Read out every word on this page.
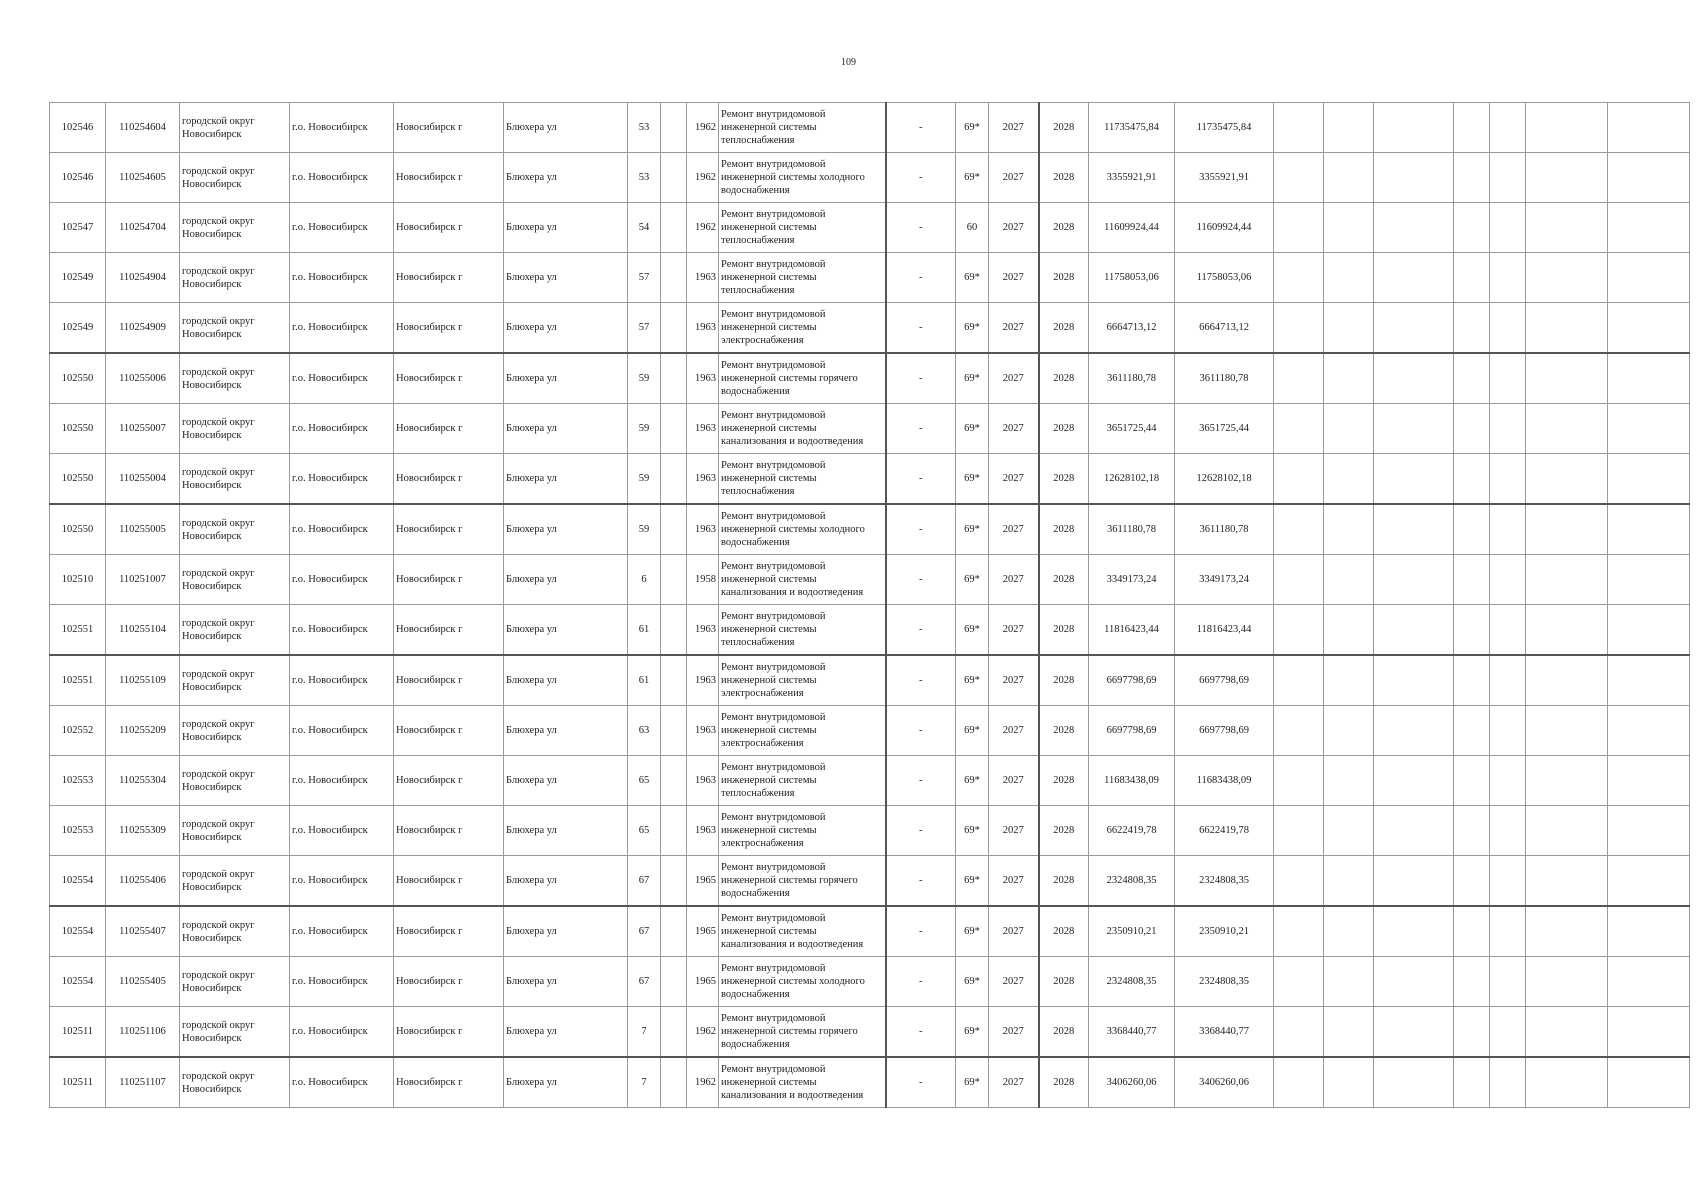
109
102546	110254604	городской округ Новосибирск	г.о. Новосибирск	Новосибирск г	Блюхера ул	53		1962	Ремонт внутридомовой инженерной системы теплоснабжения	-	69*	2027	2028	11735475,84	11735475,84							
102546	110254605	городской округ Новосибирск	г.о. Новосибирск	Новосибирск г	Блюхера ул	53		1962	Ремонт внутридомовой инженерной системы холодного водоснабжения	-	69*	2027	2028	3355921,91	3355921,91							
102547	110254704	городской округ Новосибирск	г.о. Новосибирск	Новосибирск г	Блюхера ул	54		1962	Ремонт внутридомовой инженерной системы теплоснабжения	-	60	2027	2028	11609924,44	11609924,44							
102549	110254904	городской округ Новосибирск	г.о. Новосибирск	Новосибирск г	Блюхера ул	57		1963	Ремонт внутридомовой инженерной системы теплоснабжения	-	69*	2027	2028	11758053,06	11758053,06							
102549	110254909	городской округ Новосибирск	г.о. Новосибирск	Новосибирск г	Блюхера ул	57		1963	Ремонт внутридомовой инженерной системы электроснабжения	-	69*	2027	2028	6664713,12	6664713,12							
102550	110255006	городской округ Новосибирск	г.о. Новосибирск	Новосибирск г	Блюхера ул	59		1963	Ремонт внутридомовой инженерной системы горячего водоснабжения	-	69*	2027	2028	3611180,78	3611180,78							
102550	110255007	городской округ Новосибирск	г.о. Новосибирск	Новосибирск г	Блюхера ул	59		1963	Ремонт внутридомовой инженерной системы канализования и водоотведения	-	69*	2027	2028	3651725,44	3651725,44							
102550	110255004	городской округ Новосибирск	г.о. Новосибирск	Новосибирск г	Блюхера ул	59		1963	Ремонт внутридомовой инженерной системы теплоснабжения	-	69*	2027	2028	12628102,18	12628102,18							
102550	110255005	городской округ Новосибирск	г.о. Новосибирск	Новосибирск г	Блюхера ул	59		1963	Ремонт внутридомовой инженерной системы холодного водоснабжения	-	69*	2027	2028	3611180,78	3611180,78							
102510	110251007	городской округ Новосибирск	г.о. Новосибирск	Новосибирск г	Блюхера ул	6		1958	Ремонт внутридомовой инженерной системы канализования и водоотведения	-	69*	2027	2028	3349173,24	3349173,24							
102551	110255104	городской округ Новосибирск	г.о. Новосибирск	Новосибирск г	Блюхера ул	61		1963	Ремонт внутридомовой инженерной системы теплоснабжения	-	69*	2027	2028	11816423,44	11816423,44							
102551	110255109	городской округ Новосибирск	г.о. Новосибирск	Новосибирск г	Блюхера ул	61		1963	Ремонт внутридомовой инженерной системы электроснабжения	-	69*	2027	2028	6697798,69	6697798,69							
102552	110255209	городской округ Новосибирск	г.о. Новосибирск	Новосибирск г	Блюхера ул	63		1963	Ремонт внутридомовой инженерной системы электроснабжения	-	69*	2027	2028	6697798,69	6697798,69							
102553	110255304	городской округ Новосибирск	г.о. Новосибирск	Новосибирск г	Блюхера ул	65		1963	Ремонт внутридомовой инженерной системы теплоснабжения	-	69*	2027	2028	11683438,09	11683438,09							
102553	110255309	городской округ Новосибирск	г.о. Новосибирск	Новосибирск г	Блюхера ул	65		1963	Ремонт внутридомовой инженерной системы электроснабжения	-	69*	2027	2028	6622419,78	6622419,78							
102554	110255406	городской округ Новосибирск	г.о. Новосибирск	Новосибирск г	Блюхера ул	67		1965	Ремонт внутридомовой инженерной системы горячего водоснабжения	-	69*	2027	2028	2324808,35	2324808,35							
102554	110255407	городской округ Новосибирск	г.о. Новосибирск	Новосибирск г	Блюхера ул	67		1965	Ремонт внутридомовой инженерной системы канализования и водоотведения	-	69*	2027	2028	2350910,21	2350910,21							
102554	110255405	городской округ Новосибирск	г.о. Новосибирск	Новосибирск г	Блюхера ул	67		1965	Ремонт внутридомовой инженерной системы холодного водоснабжения	-	69*	2027	2028	2324808,35	2324808,35							
102511	110251106	городской округ Новосибирск	г.о. Новосибирск	Новосибирск г	Блюхера ул	7		1962	Ремонт внутридомовой инженерной системы горячего водоснабжения	-	69*	2027	2028	3368440,77	3368440,77							
102511	110251107	городской округ Новосибирск	г.о. Новосибирск	Новосибирск г	Блюхера ул	7		1962	Ремонт внутридомовой инженерной системы канализования и водоотведения	-	69*	2027	2028	3406260,06	3406260,06							
